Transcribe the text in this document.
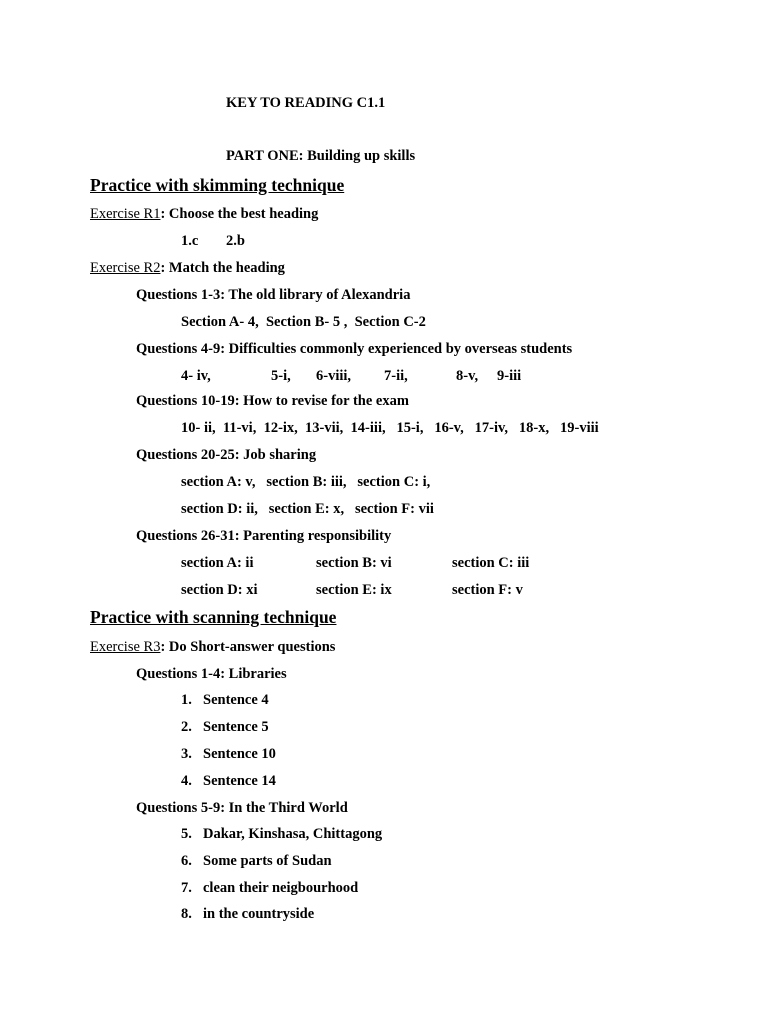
KEY TO READING C1.1
PART ONE: Building up skills
Practice with skimming technique
Exercise R1: Choose the best heading
1.c 2.b
Exercise R2: Match the heading
Questions 1-3: The old library of Alexandria
Section A- 4,  Section B- 5 ,  Section C-2
Questions 4-9: Difficulties commonly experienced by overseas students
4- iv,	5-i, 6-viii, 7-ii,	8-v, 9-iii
Questions 10-19: How to revise for the exam
10- ii,  11-vi,  12-ix,  13-vii,  14-iii,   15-i,   16-v,   17-iv,   18-x,   19-viii
Questions 20-25: Job sharing
section A: v,   section B: iii,   section C: i,
section D: ii,   section E: x,   section F: vii
Questions 26-31: Parenting responsibility
section A: ii	section B: vi	section C: iii
section D: xi	section E: ix	section F: v
Practice with scanning technique
Exercise R3: Do Short-answer questions
Questions 1-4: Libraries
1. Sentence 4
2. Sentence 5
3. Sentence 10
4. Sentence 14
Questions 5-9: In the Third World
5. Dakar, Kinshasa, Chittagong
6. Some parts of Sudan
7. clean their neigbourhood
8. in the countryside
